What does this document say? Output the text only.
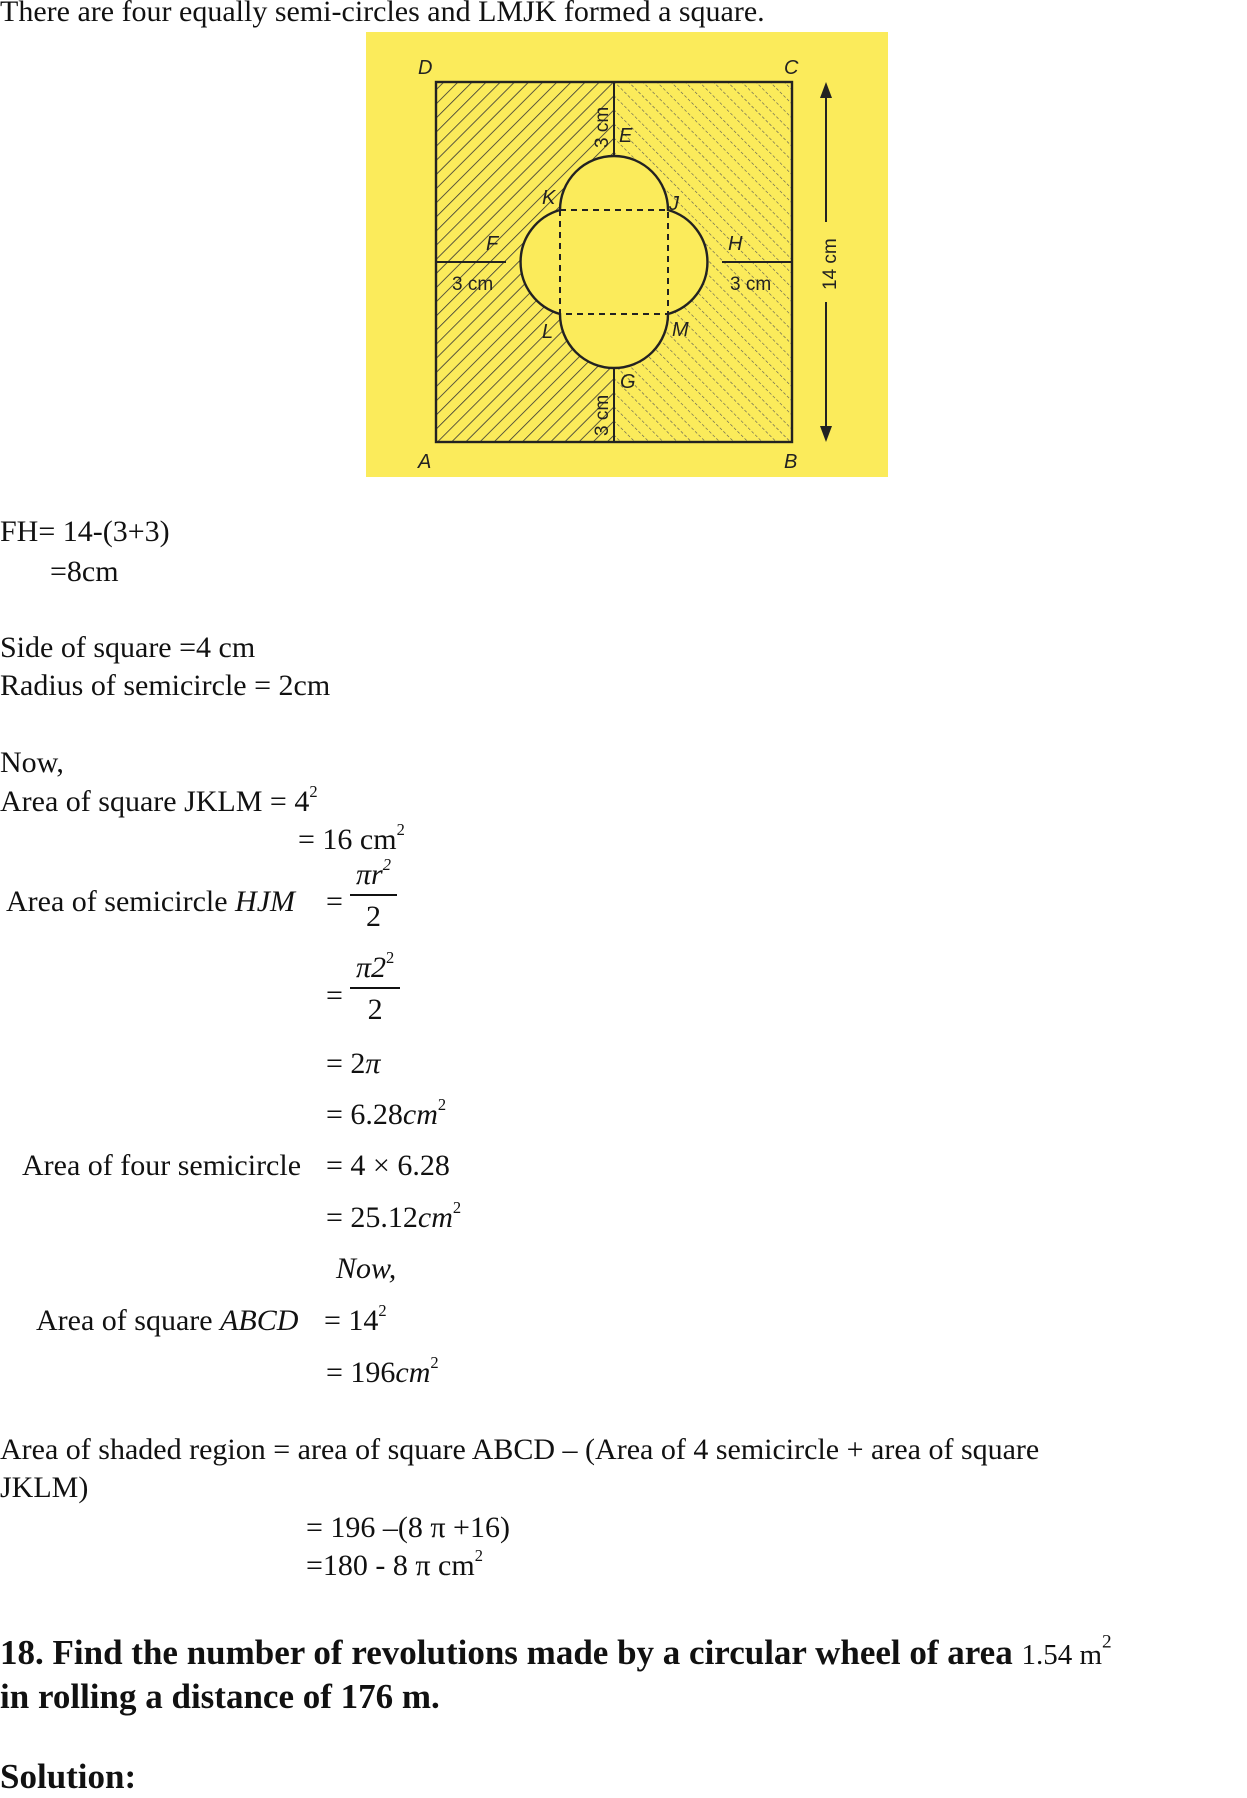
There are four equally semi-circles and LMJK formed a square.
D	C
A	B
E
K
F	H
J
L	M
G
3 cm	3 cm
3 cm
3 cm
14 cm
FH= 14-(3+3)
=8cm
Side of square =4 cm
Radius of semicircle = 2cm
Now,
Area of square JKLM = $4^2$
= 16 $cm^2$
Area of semicircle HJM =
$\pi r^2$
2
=
$\pi 2^2$
2
= 2π
= $6.28cm^2$
Area of four semicircle = 4 × 6.28
= $25.12cm^2$
Now,
Area of square ABCD = $14^2$
= $196cm^2$
Area of shaded region = area of square ABCD – (Area of 4 semicircle + area of square
JKLM)
= 196 –(8 π +16)
=180 - 8 π $cm^2$
18. Find the number of revolutions made by a circular wheel of area 1.54 $m^2$
in rolling a distance of 176 m.
Solution:
